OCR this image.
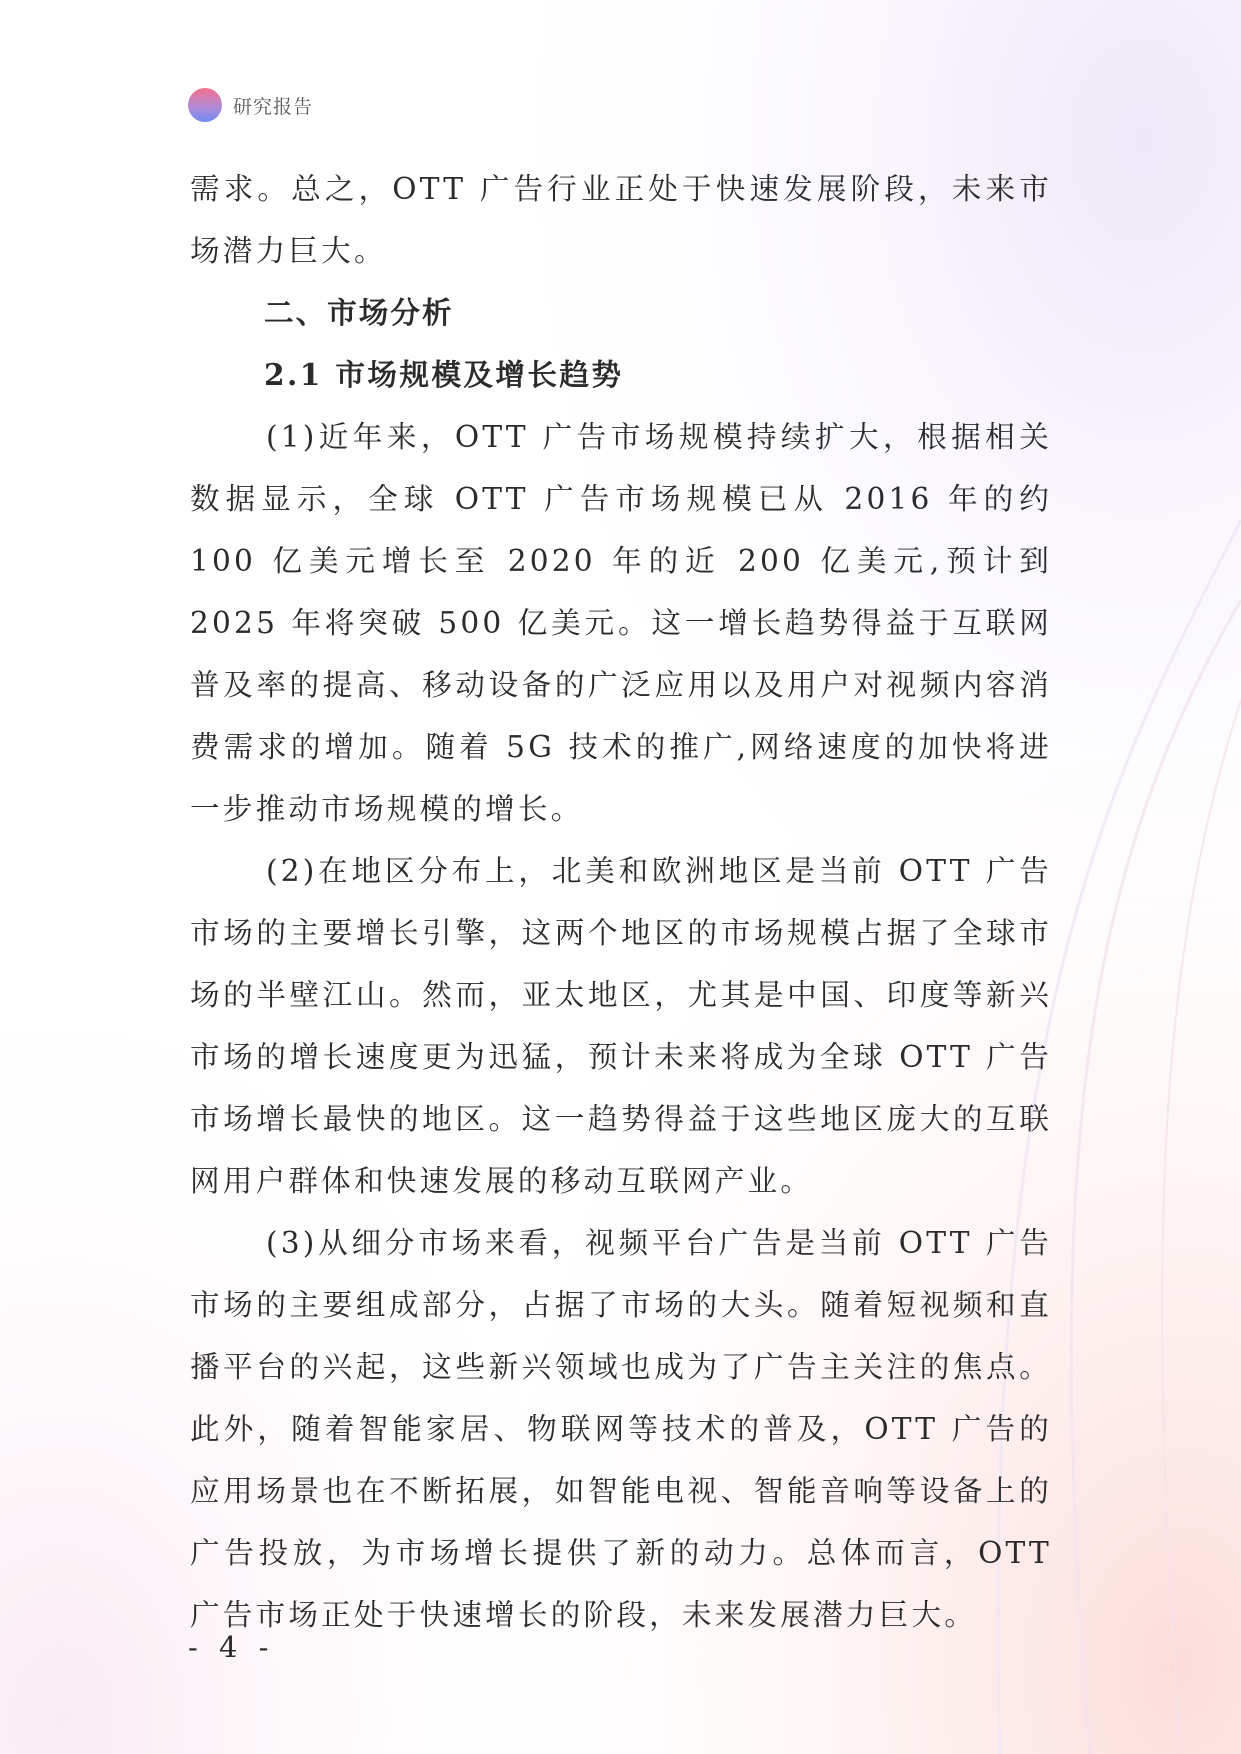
研究报告

需求。总之，OTT 广告行业正处于快速发展阶段，未来市场潜力巨大。

二、市场分析
2.1 市场规模及增长趋势

(1)近年来，OTT 广告市场规模持续扩大，根据相关数据显示，全球 OTT 广告市场规模已从 2016 年的约 100 亿美元增长至 2020 年的近 200 亿美元,预计到 2025 年将突破 500 亿美元。这一增长趋势得益于互联网普及率的提高、移动设备的广泛应用以及用户对视频内容消费需求的增加。随着 5G 技术的推广,网络速度的加快将进一步推动市场规模的增长。

(2)在地区分布上，北美和欧洲地区是当前 OTT 广告市场的主要增长引擎，这两个地区的市场规模占据了全球市场的半壁江山。然而，亚太地区，尤其是中国、印度等新兴市场的增长速度更为迅猛，预计未来将成为全球 OTT 广告市场增长最快的地区。这一趋势得益于这些地区庞大的互联网用户群体和快速发展的移动互联网产业。

(3)从细分市场来看，视频平台广告是当前 OTT 广告市场的主要组成部分，占据了市场的大头。随着短视频和直播平台的兴起，这些新兴领域也成为了广告主关注的焦点。此外，随着智能家居、物联网等技术的普及，OTT 广告的应用场景也在不断拓展，如智能电视、智能音响等设备上的广告投放，为市场增长提供了新的动力。总体而言，OTT 广告市场正处于快速增长的阶段，未来发展潜力巨大。

- 4 -
